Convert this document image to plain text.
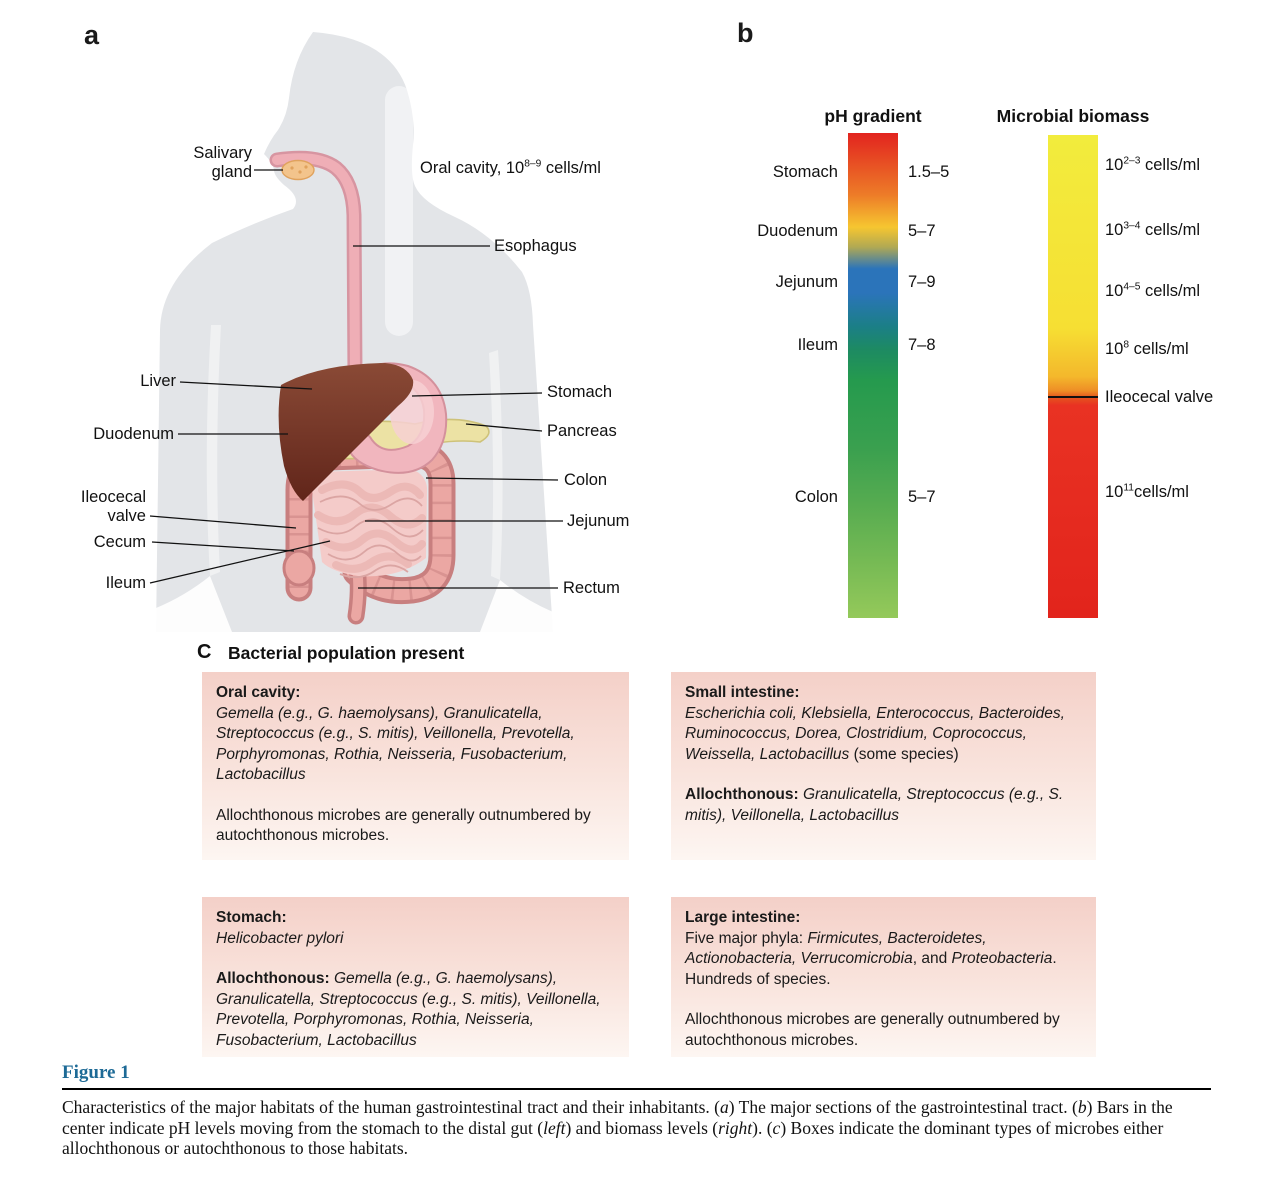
a
Salivary gland	Oral cavity, 10$^{8-9}$ cells/ml
Esophagus
Liver
Stomach
Duodenum	Pancreas
Colon
Ileocecal valve	Jejunum
Cecum
Ileum	Rectum
b
pH gradient	Microbial biomass
Stomach
Duodenum
Jejunum
Ileum
Colon
1.5–5
5–7
7–9
7–8
5–7
10$^{2-3}$ cells/ml
10$^{3-4}$ cells/ml
10$^{4-5}$ cells/ml
$10^8$ cells/ml
Ileocecal valve
$10^{11}cells/ml$
C Bacterial population present
Oral cavity:
Gemella (e.g., G. haemolysans), Granulicatella, Streptococcus (e.g., S. mitis), Veillonella, Prevotella, Porphyromonas, Rothia, Neisseria, Fusobacterium, Lactobacillus
Allochthonous microbes are generally outnumbered by autochthonous microbes.
Small intestine:
Escherichia coli, Klebsiella, Enterococcus, Bacteroides, Ruminococcus, Dorea, Clostridium, Coprococcus, Weissella, Lactobacillus (some species)
Allochthonous: Granulicatella, Streptococcus (e.g., S. mitis), Veillonella, Lactobacillus
Stomach:
Helicobacter pylori
Allochthonous: Gemella (e.g., G. haemolysans), Granulicatella, Streptococcus (e.g., S. mitis), Veillonella, Prevotella, Porphyromonas, Rothia, Neisseria, Fusobacterium, Lactobacillus
Large intestine:
Five major phyla: Firmicutes, Bacteroidetes, Actionobacteria, Verrucomicrobia, and Proteobacteria. Hundreds of species.
Allochthonous microbes are generally outnumbered by autochthonous microbes.
Figure 1
Characteristics of the major habitats of the human gastrointestinal tract and their inhabitants. (a) The major sections of the gastrointestinal tract. (b) Bars in the center indicate pH levels moving from the stomach to the distal gut (left) and biomass levels (right). (c) Boxes indicate the dominant types of microbes either allochthonous or autochthonous to those habitats.
